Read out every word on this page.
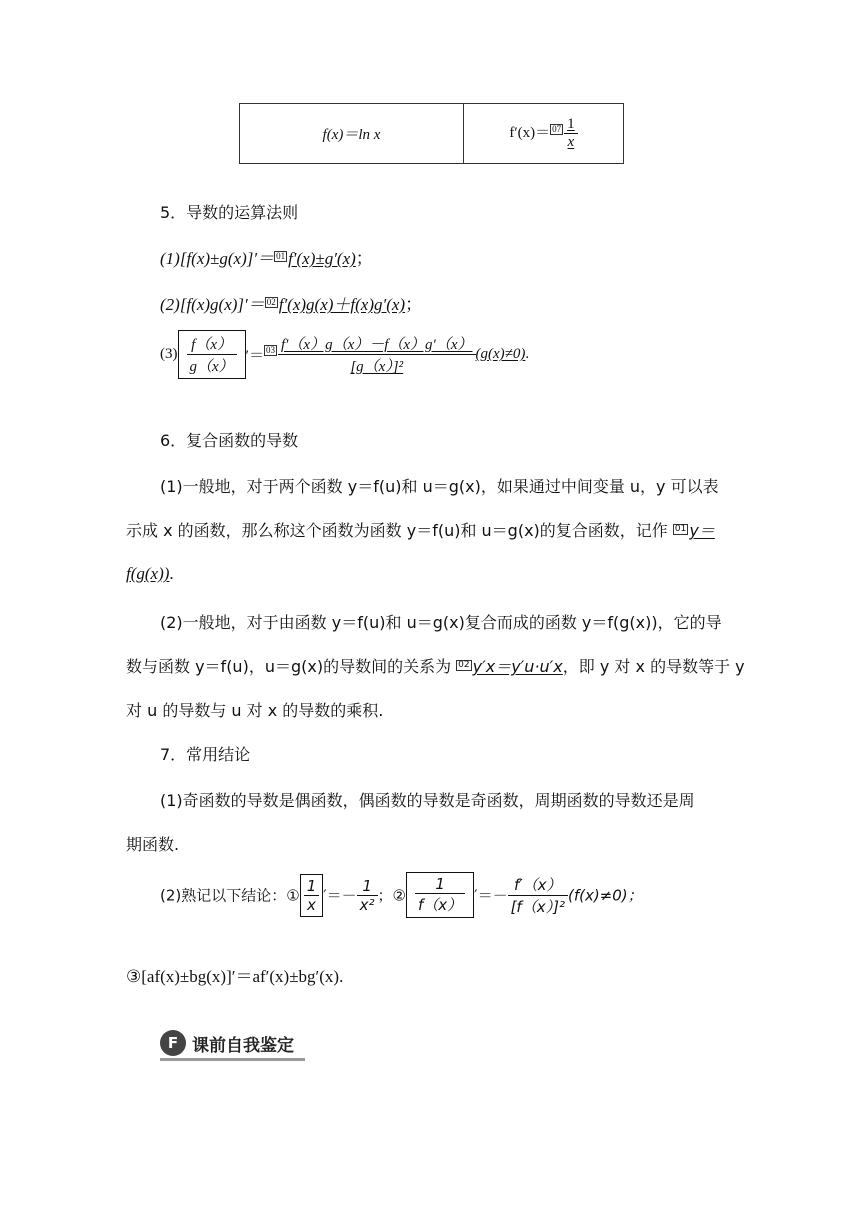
f(x)＝ln x	$f'(x)= 07 \frac{1}{x}$
5．导数的运算法则
(1)[f(x)±g(x)]′＝ 01 f′(x)±g′(x)；
(2)[f(x)g(x)]′＝ 02 f′(x)g(x)＋f(x)g′(x)；
$(3) \frac{f(x)}{g(x)}$ ′＝ $03 \frac{f'(x)g(x)-f(x)g'(x)}{\text{[g（x）]²}} (g(x)\ne 0)$.
6．复合函数的导数
(1)一般地，对于两个函数 y＝f(u)和 u＝g(x)，如果通过中间变量 u，y 可以表
示成 x 的函数，那么称这个函数为函数 y＝f(u)和 u＝g(x)的复合函数，记作 01 y＝
f(g(x)).
(2)一般地，对于由函数 y＝f(u)和 u＝g(x)复合而成的函数 y＝f(g(x))，它的导
数与函数 y＝f(u)，u＝g(x)的导数间的关系为 02 y′x＝y′u·u′x，即 y 对 x 的导数等于 y
对 u 的导数与 u 对 x 的导数的乘积.
7．常用结论
(1)奇函数的导数是偶函数，偶函数的导数是奇函数，周期函数的导数还是周
期函数.
(2)熟记以下结论：① $\frac{1}{x}$ ′＝－ $\frac{1}{\text{x²}}$ ；② $\frac{1}{f(x)}$ ′＝－ $\frac{f'(x)}{\text{[f（x）]²}} (f(x)\ne 0)$；
③[af(x)±bg(x)]′＝af′(x)±bg′(x).
F 课前自我鉴定
